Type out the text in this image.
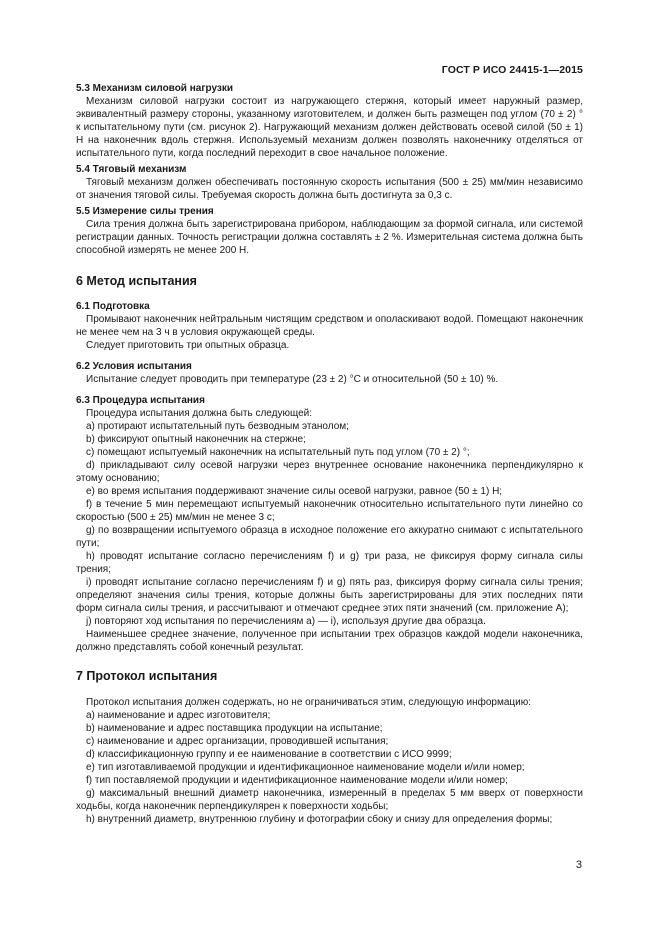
ГОСТ Р ИСО 24415-1—2015
5.3 Механизм силовой нагрузки
Механизм силовой нагрузки состоит из нагружающего стержня, который имеет наружный размер, эквивалентный размеру стороны, указанному изготовителем, и должен быть размещен под углом (70 ± 2) ° к испытательному пути (см. рисунок 2). Нагружающий механизм должен действовать осевой силой (50 ± 1) Н на наконечник вдоль стержня. Используемый механизм должен позволять наконечнику отделяться от испытательного пути, когда последний переходит в свое начальное положение.
5.4 Тяговый механизм
Тяговый механизм должен обеспечивать постоянную скорость испытания (500 ± 25) мм/мин независимо от значения тяговой силы. Требуемая скорость должна быть достигнута за 0,3 с.
5.5 Измерение силы трения
Сила трения должна быть зарегистрирована прибором, наблюдающим за формой сигнала, или системой регистрации данных. Точность регистрации должна составлять ± 2 %. Измерительная система должна быть способной измерять не менее 200 Н.
6 Метод испытания
6.1 Подготовка
Промывают наконечник нейтральным чистящим средством и ополаскивают водой. Помещают наконечник не менее чем на 3 ч в условия окружающей среды.
Следует приготовить три опытных образца.
6.2 Условия испытания
Испытание следует проводить при температуре (23 ± 2) °С и относительной (50 ± 10) %.
6.3 Процедура испытания
Процедура испытания должна быть следующей:
a) протирают испытательный путь безводным этанолом;
b) фиксируют опытный наконечник на стержне;
c) помещают испытуемый наконечник на испытательный путь под углом (70 ± 2) °;
d) прикладывают силу осевой нагрузки через внутреннее основание наконечника перпендикулярно к этому основанию;
e) во время испытания поддерживают значение силы осевой нагрузки, равное (50 ± 1) Н;
f) в течение 5 мин перемещают испытуемый наконечник относительно испытательного пути линейно со скоростью (500 ± 25) мм/мин не менее 3 с;
g) по возвращении испытуемого образца в исходное положение его аккуратно снимают с испытательного пути;
h) проводят испытание согласно перечислениям f) и g) три раза, не фиксируя форму сигнала силы трения;
i) проводят испытание согласно перечислениям f) и g) пять раз, фиксируя форму сигнала силы трения; определяют значения силы трения, которые должны быть зарегистрированы для этих последних пяти форм сигнала силы трения, и рассчитывают и отмечают среднее этих пяти значений (см. приложение А);
j) повторяют ход испытания по перечислениям а) — i), используя другие два образца.
Наименьшее среднее значение, полученное при испытании трех образцов каждой модели наконечника, должно представлять собой конечный результат.
7 Протокол испытания
Протокол испытания должен содержать, но не ограничиваться этим, следующую информацию:
a) наименование и адрес изготовителя;
b) наименование и адрес поставщика продукции на испытание;
c) наименование и адрес организации, проводившей испытания;
d) классификационную группу и ее наименование в соответствии с ИСО 9999;
e) тип изготавливаемой продукции и идентификационное наименование модели и/или номер;
f) тип поставляемой продукции и идентификационное наименование модели и/или номер;
g) максимальный внешний диаметр наконечника, измеренный в пределах 5 мм вверх от поверхности ходьбы, когда наконечник перпендикулярен к поверхности ходьбы;
h) внутренний диаметр, внутреннюю глубину и фотографии сбоку и снизу для определения формы;
3
